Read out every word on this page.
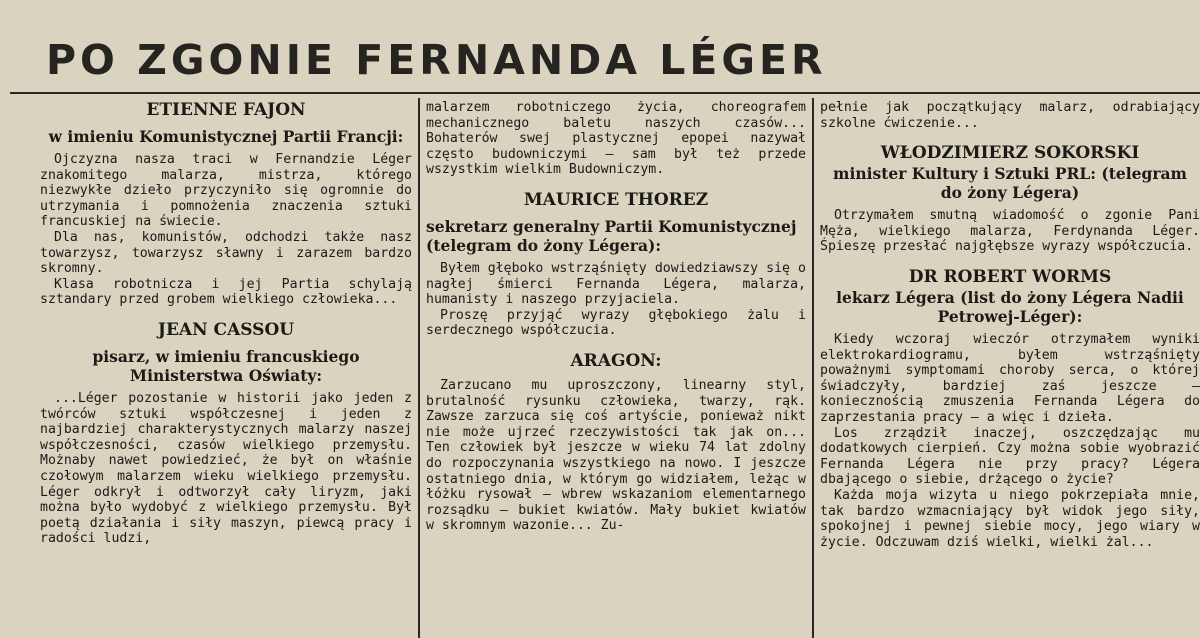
PO ZGONIE FERNANDA LÉGER

ETIENNE FAJON

w imieniu Komunistycznej Partii Francji:

Ojczyzna nasza traci w Fernandzie Léger znakomitego malarza, mistrza, którego niezwykłe dzieło przyczyniło się ogromnie do utrzymania i pomnożenia znaczenia sztuki francuskiej na świecie.

Dla nas, komunistów, odchodzi także nasz towarzysz, towarzysz sławny i zarazem bardzo skromny.

Klasa robotnicza i jej Partia schylają sztandary przed grobem wielkiego człowieka...

JEAN CASSOU

pisarz, w imieniu francuskiego Ministerstwa Oświaty:

...Léger pozostanie w historii jako jeden z twórców sztuki współczesnej i jeden z najbardziej charakterystycznych malarzy naszej współczesności, czasów wielkiego przemysłu. Możnaby nawet powiedzieć, że był on właśnie czołowym malarzem wieku wielkiego przemysłu. Léger odkrył i odtworzył cały liryzm, jaki można było wydobyć z wielkiego przemysłu. Był poetą działania i siły maszyn, piewcą pracy i radości ludzi,

malarzem robotniczego życia, choreografem mechanicznego baletu naszych czasów... Bohaterów swej plastycznej epopei nazywał często budowniczymi — sam był też przede wszystkim wielkim Budowniczym.

MAURICE THOREZ

sekretarz generalny Partii Komunistycznej (telegram do żony Légera):

Byłem głęboko wstrząśnięty dowiedziawszy się o nagłej śmierci Fernanda Légera, malarza, humanisty i naszego przyjaciela.

Proszę przyjąć wyrazy głębokiego żalu i serdecznego współczucia.

ARAGON:

Zarzucano mu uproszczony, linearny styl, brutalność rysunku człowieka, twarzy, rąk. Zawsze zarzuca się coś artyście, ponieważ nikt nie może ujrzeć rzeczywistości tak jak on... Ten człowiek był jeszcze w wieku 74 lat zdolny do rozpoczynania wszystkiego na nowo. I jeszcze ostatniego dnia, w którym go widziałem, leżąc w łóżku rysował — wbrew wskazaniom elementarnego rozsądku — bukiet kwiatów. Mały bukiet kwiatów w skromnym wazonie... Zu-

pełnie jak początkujący malarz, odrabiający szkolne ćwiczenie...

WŁODZIMIERZ SOKORSKI

minister Kultury i Sztuki PRL: (telegram do żony Légera)

Otrzymałem smutną wiadomość o zgonie Pani Męża, wielkiego malarza, Ferdynanda Léger. Śpieszę przesłać najgłębsze wyrazy współczucia.

DR ROBERT WORMS

lekarz Légera (list do żony Légera Nadii Petrowej-Léger):

Kiedy wczoraj wieczór otrzymałem wyniki elektrokardiogramu, byłem wstrząśnięty poważnymi symptomami choroby serca, o której świadczyły, bardziej zaś jeszcze — koniecznością zmuszenia Fernanda Légera do zaprzestania pracy — a więc i dzieła.

Los zrządził inaczej, oszczędzając mu dodatkowych cierpień. Czy można sobie wyobrazić Fernanda Légera nie przy pracy? Légera dbającego o siebie, drżącego o życie?

Każda moja wizyta u niego pokrzepiała mnie, tak bardzo wzmacniający był widok jego siły, spokojnej i pewnej siebie mocy, jego wiary w życie. Odczuwam dziś wielki, wielki żal...
